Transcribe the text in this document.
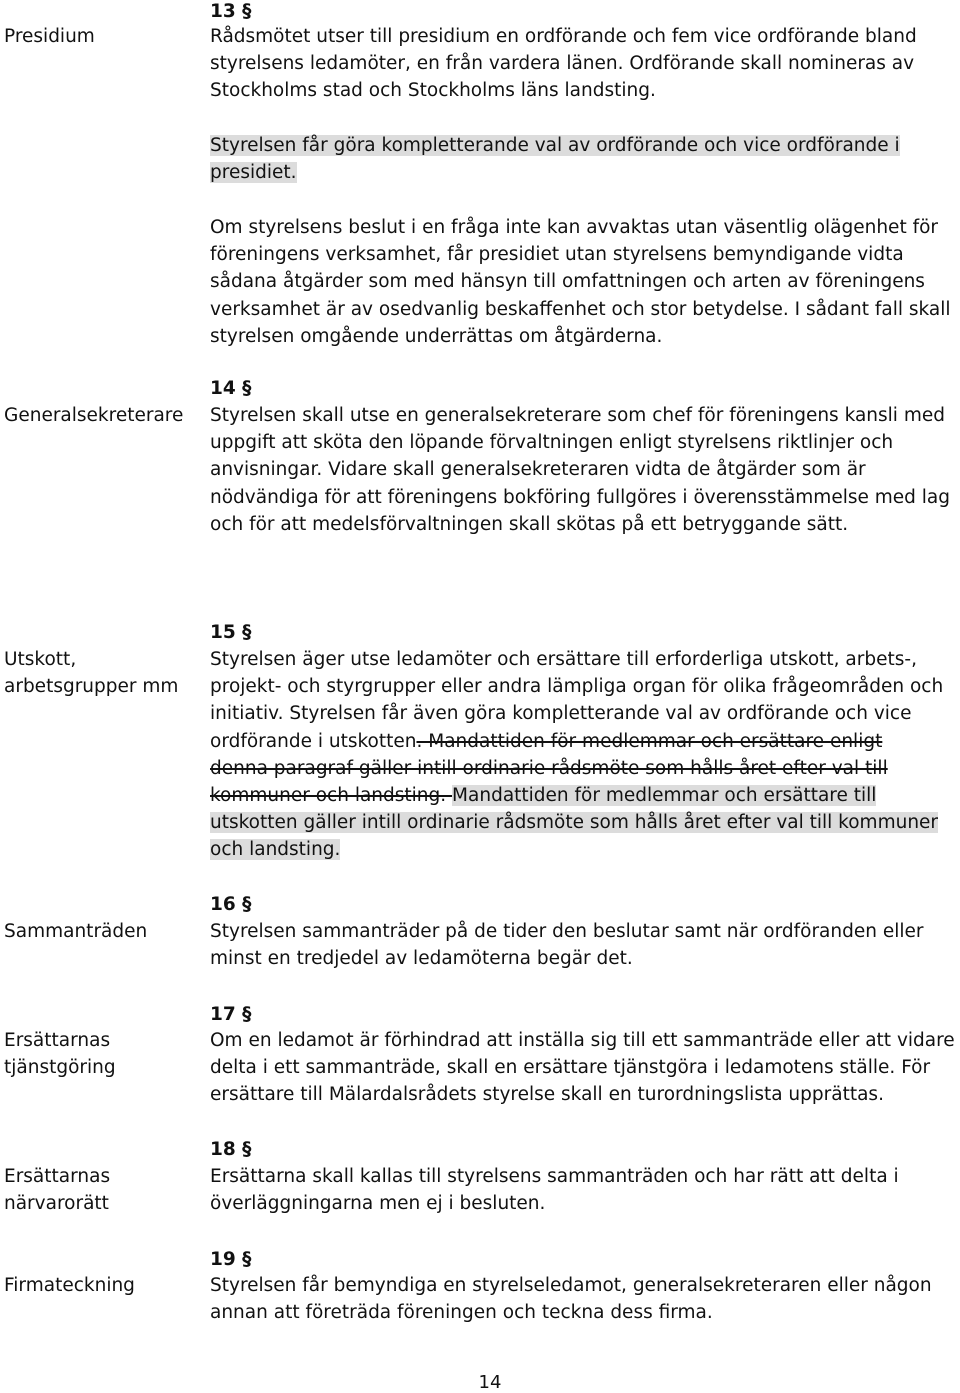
Presidium
13 §
Rådsmötet utser till presidium en ordförande och fem vice ordförande bland
styrelsens ledamöter, en från vardera länen. Ordförande skall nomineras av
Stockholms stad och Stockholms läns landsting.
Styrelsen får göra kompletterande val av ordförande och vice ordförande i
presidiet.
Om styrelsens beslut i en fråga inte kan avvaktas utan väsentlig olägenhet för
föreningens verksamhet, får presidiet utan styrelsens bemyndigande vidta
sådana åtgärder som med hänsyn till omfattningen och arten av föreningens
verksamhet är av osedvanlig beskaffenhet och stor betydelse. I sådant fall skall
styrelsen omgående underrättas om åtgärderna.
14 §
Generalsekreterare Styrelsen skall utse en generalsekreterare som chef för föreningens kansli med
uppgift att sköta den löpande förvaltningen enligt styrelsens riktlinjer och
anvisningar. Vidare skall generalsekreteraren vidta de åtgärder som är
nödvändiga för att föreningens bokföring fullgöres i överensstämmelse med lag
och för att medelsförvaltningen skall skötas på ett betryggande sätt.
15 §
Utskott,
arbetsgrupper mm
Styrelsen äger utse ledamöter och ersättare till erforderliga utskott, arbets-,
projekt- och styrgrupper eller andra lämpliga organ för olika frågeområden och
initiativ. Styrelsen får även göra kompletterande val av ordförande och vice
ordförande i utskotten. Mandattiden för medlemmar och ersättare enligt
denna paragraf gäller intill ordinarie rådsmöte som hålls året efter val till
kommuner och landsting. Mandattiden för medlemmar och ersättare till
utskotten gäller intill ordinarie rådsmöte som hålls året efter val till kommuner
och landsting.
16 §
Sammanträden	Styrelsen sammanträder på de tider den beslutar samt när ordföranden eller
minst en tredjedel av ledamöterna begär det.
17 §
Ersättarnas
tjänstgöring
Om en ledamot är förhindrad att inställa sig till ett sammanträde eller att vidare
delta i ett sammanträde, skall en ersättare tjänstgöra i ledamotens ställe. För
ersättare till Mälardalsrådets styrelse skall en turordningslista upprättas.
18 §
Ersättarnas
närvarorätt
Ersättarna skall kallas till styrelsens sammanträden och har rätt att delta i
överläggningarna men ej i besluten.
19 §
Firmateckning	Styrelsen får bemyndiga en styrelseledamot, generalsekreteraren eller någon
annan att företräda föreningen och teckna dess firma.
14
